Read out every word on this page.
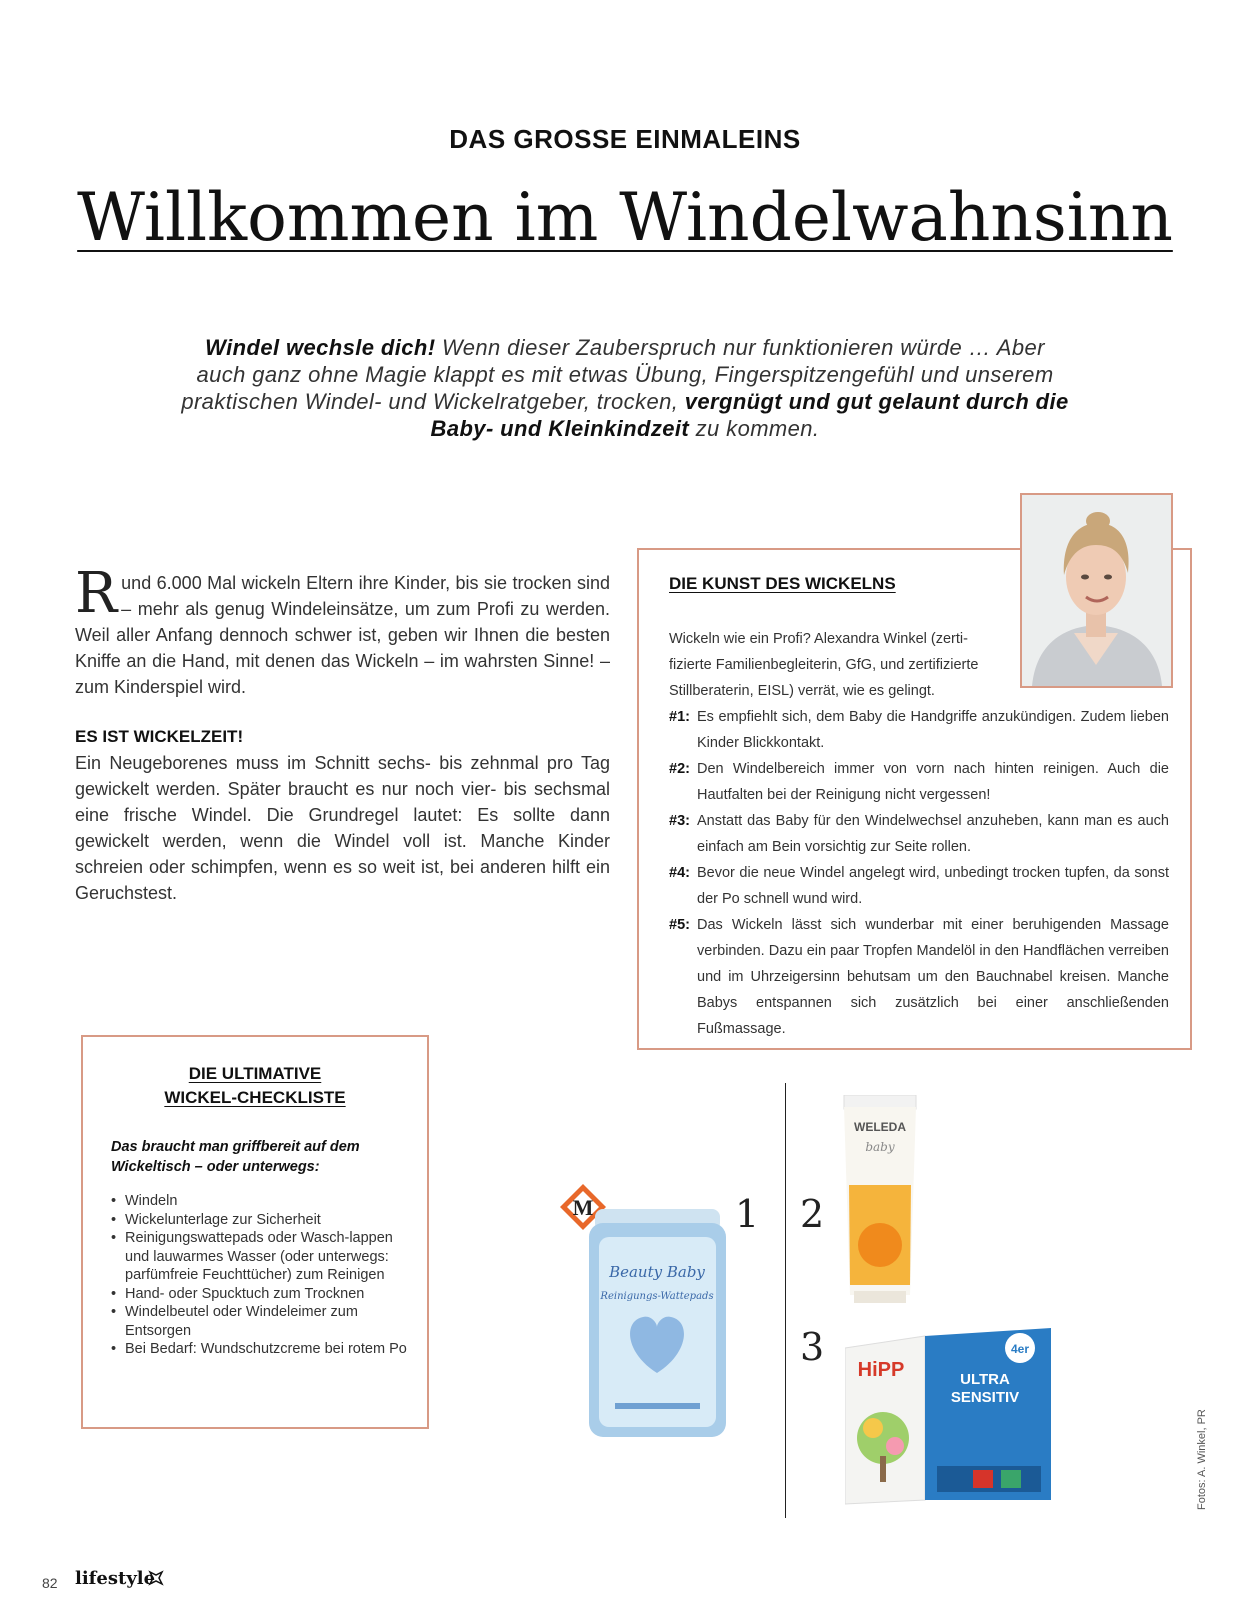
DAS GROSSE EINMALEINS
Willkommen im Windelwahnsinn
Windel wechsle dich! Wenn dieser Zauberspruch nur funktionieren würde … Aber auch ganz ohne Magie klappt es mit etwas Übung, Fingerspitzengefühl und unserem praktischen Windel- und Wickelratgeber, trocken, vergnügt und gut gelaunt durch die Baby- und Kleinkindzeit zu kommen.

Rund 6.000 Mal wickeln Eltern ihre Kinder, bis sie trocken sind – mehr als genug Windeleinsätze, um zum Profi zu werden. Weil aller Anfang dennoch schwer ist, geben wir Ihnen die besten Kniffe an die Hand, mit denen das Wickeln – im wahrsten Sinne! – zum Kinderspiel wird.

ES IST WICKELZEIT!

Ein Neugeborenes muss im Schnitt sechs- bis zehnmal pro Tag gewickelt werden. Später braucht es nur noch vier- bis sechsmal eine frische Windel. Die Grundregel lautet: Es sollte dann gewickelt werden, wenn die Windel voll ist. Manche Kinder schreien oder schimpfen, wenn es so weit ist, bei anderen hilft ein Geruchstest.

DIE KUNST DES WICKELNS
Wickeln wie ein Profi? Alexandra Winkel (zerti-
fizierte Familienbegleiterin, GfG, und zertifizierte
Stillberaterin, EISL) verrät, wie es gelingt.
#1: Es empfiehlt sich, dem Baby die Handgriffe anzukündigen. Zudem lieben Kinder Blickkontakt.
#2: Den Windelbereich immer von vorn nach hinten reinigen. Auch die Hautfalten bei der Reinigung nicht vergessen!
#3: Anstatt das Baby für den Windelwechsel anzuheben, kann man es auch einfach am Bein vorsichtig zur Seite rollen.
#4: Bevor die neue Windel angelegt wird, unbedingt trocken tupfen, da sonst der Po schnell wund wird.
#5: Das Wickeln lässt sich wunderbar mit einer beruhigenden Massage verbinden. Dazu ein paar Tropfen Mandelöl in den Handflächen verreiben und im Uhrzeigersinn behutsam um den Bauchnabel kreisen. Manche Babys entspannen sich zusätzlich bei einer anschließenden Fußmassage.
DIE ULTIMATIVE
WICKEL-CHECKLISTE
Das braucht man griffbereit auf dem Wickeltisch – oder unterwegs:
• Windeln
• Wickelunterlage zur Sicherheit
• Reinigungswattepads oder Wasch-lappen und lauwarmes Wasser (oder unterwegs: parfümfreie Feuchttücher) zum Reinigen
• Hand- oder Spucktuch zum Trocknen
• Windelbeutel oder Windeleimer zum Entsorgen
• Bei Bedarf: Wundschutzcreme bei rotem Po
M
Beauty Baby
Reinigungs-Wattepads
1 2
3
WELEDA
baby
HiPP	ULTRA
SENSITIV
4er
Fotos: A. Winkel, PR
82 lifestyle
